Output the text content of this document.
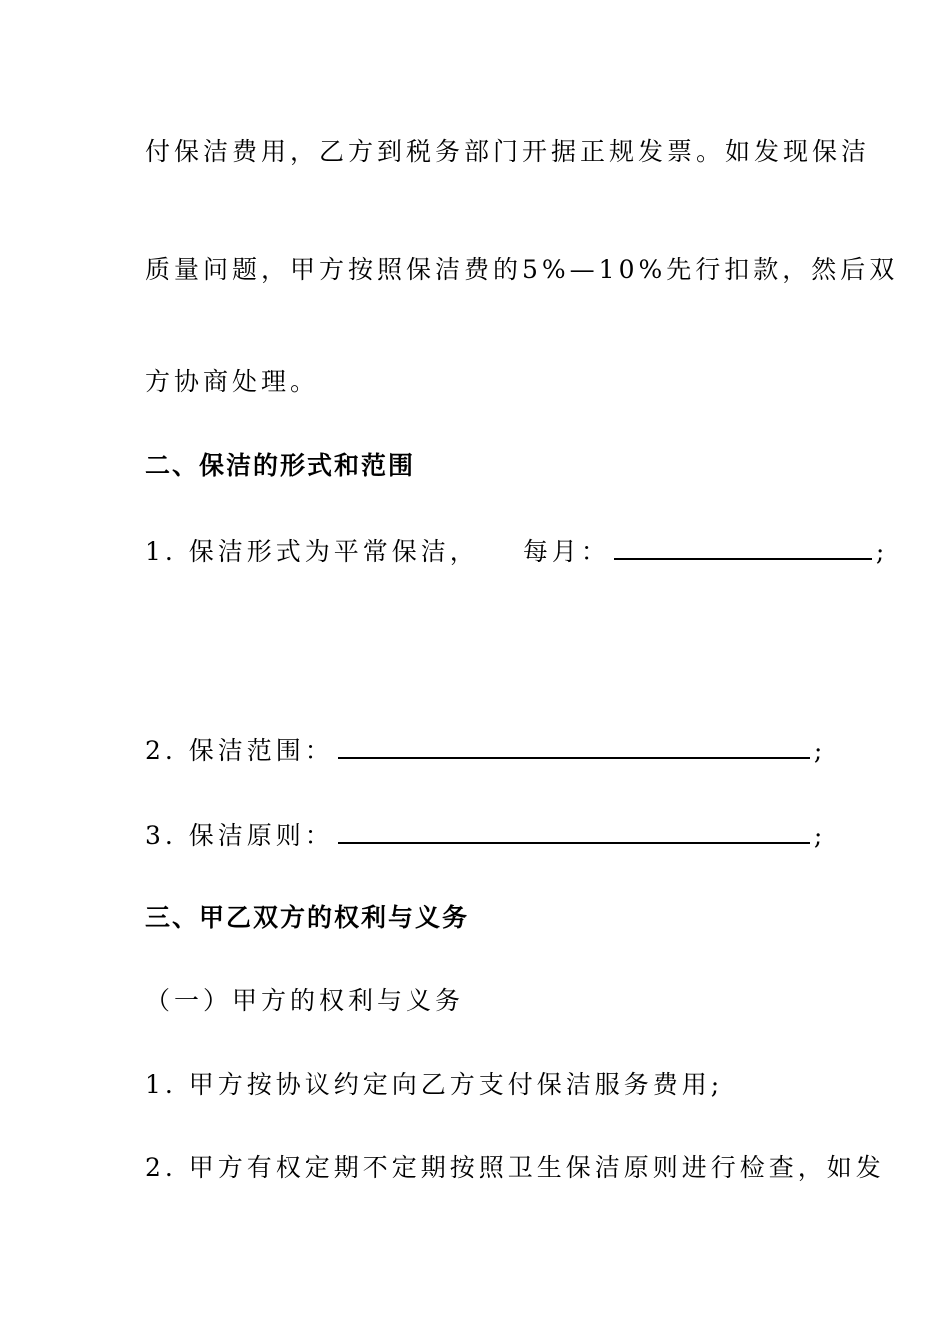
付保洁费用，乙方到税务部门开据正规发票。如发现保洁
质量问题，甲方按照保洁费的5%—10%先行扣款，然后双
方协商处理。
二、保洁的形式和范围
1. 保洁形式为平常保洁， 每月：	;
2. 保洁范围：	;
3. 保洁原则：	;
三、甲乙双方的权利与义务
（一）甲方的权利与义务
1. 甲方按协议约定向乙方支付保洁服务费用;
2. 甲方有权定期不定期按照卫生保洁原则进行检查，如发
